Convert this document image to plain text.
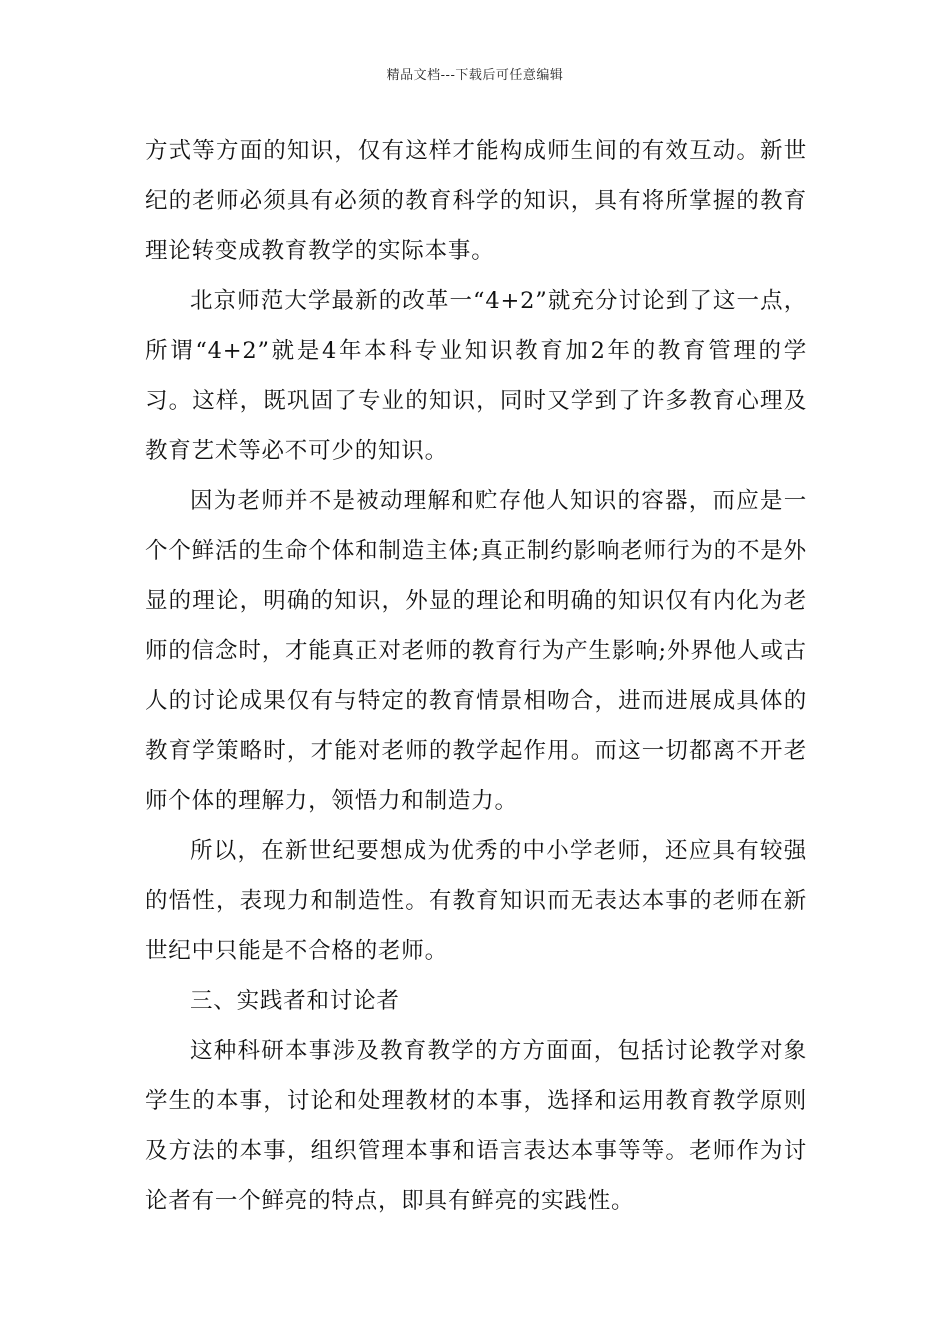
精品文档---下载后可任意编辑

方式等方面的知识，仅有这样才能构成师生间的有效互动。新世纪的老师必须具有必须的教育科学的知识，具有将所掌握的教育理论转变成教育教学的实际本事。

北京师范大学最新的改革一“4+2”就充分讨论到了这一点，所谓“4+2”就是4年本科专业知识教育加2年的教育管理的学习。这样，既巩固了专业的知识，同时又学到了许多教育心理及教育艺术等必不可少的知识。

因为老师并不是被动理解和贮存他人知识的容器，而应是一个个鲜活的生命个体和制造主体;真正制约影响老师行为的不是外显的理论，明确的知识，外显的理论和明确的知识仅有内化为老师的信念时，才能真正对老师的教育行为产生影响;外界他人或古人的讨论成果仅有与特定的教育情景相吻合，进而进展成具体的教育学策略时，才能对老师的教学起作用。而这一切都离不开老师个体的理解力，领悟力和制造力。

所以，在新世纪要想成为优秀的中小学老师，还应具有较强的悟性，表现力和制造性。有教育知识而无表达本事的老师在新世纪中只能是不合格的老师。

三、实践者和讨论者

这种科研本事涉及教育教学的方方面面，包括讨论教学对象学生的本事，讨论和处理教材的本事，选择和运用教育教学原则及方法的本事，组织管理本事和语言表达本事等等。老师作为讨论者有一个鲜亮的特点，即具有鲜亮的实践性。
